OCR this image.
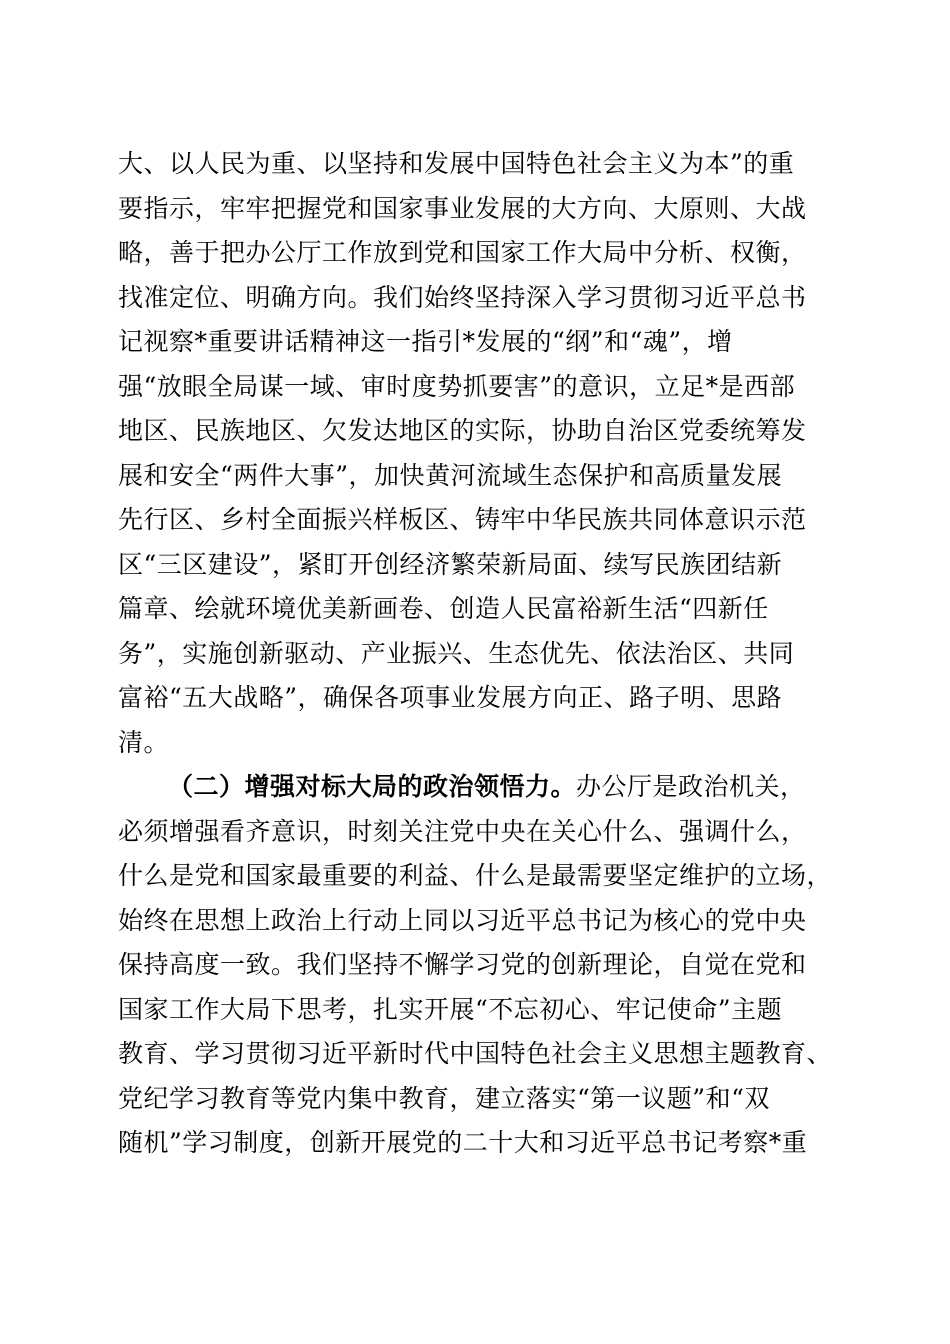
大、以人民为重、以坚持和发展中国特色社会主义为本”的重
要指示，牢牢把握党和国家事业发展的大方向、大原则、大战
略，善于把办公厅工作放到党和国家工作大局中分析、权衡，
找准定位、明确方向。我们始终坚持深入学习贯彻习近平总书
记视察*重要讲话精神这一指引*发展的“纲”和“魂”，增
强“放眼全局谋一域、审时度势抓要害”的意识，立足*是西部
地区、民族地区、欠发达地区的实际，协助自治区党委统筹发
展和安全“两件大事”，加快黄河流域生态保护和高质量发展
先行区、乡村全面振兴样板区、铸牢中华民族共同体意识示范
区“三区建设”，紧盯开创经济繁荣新局面、续写民族团结新
篇章、绘就环境优美新画卷、创造人民富裕新生活“四新任
务”，实施创新驱动、产业振兴、生态优先、依法治区、共同
富裕“五大战略”，确保各项事业发展方向正、路子明、思路
清。
（二）增强对标大局的政治领悟力。办公厅是政治机关，
必须增强看齐意识，时刻关注党中央在关心什么、强调什么，
什么是党和国家最重要的利益、什么是最需要坚定维护的立场，
始终在思想上政治上行动上同以习近平总书记为核心的党中央
保持高度一致。我们坚持不懈学习党的创新理论，自觉在党和
国家工作大局下思考，扎实开展“不忘初心、牢记使命”主题
教育、学习贯彻习近平新时代中国特色社会主义思想主题教育、
党纪学习教育等党内集中教育，建立落实“第一议题”和“双
随机”学习制度，创新开展党的二十大和习近平总书记考察*重
